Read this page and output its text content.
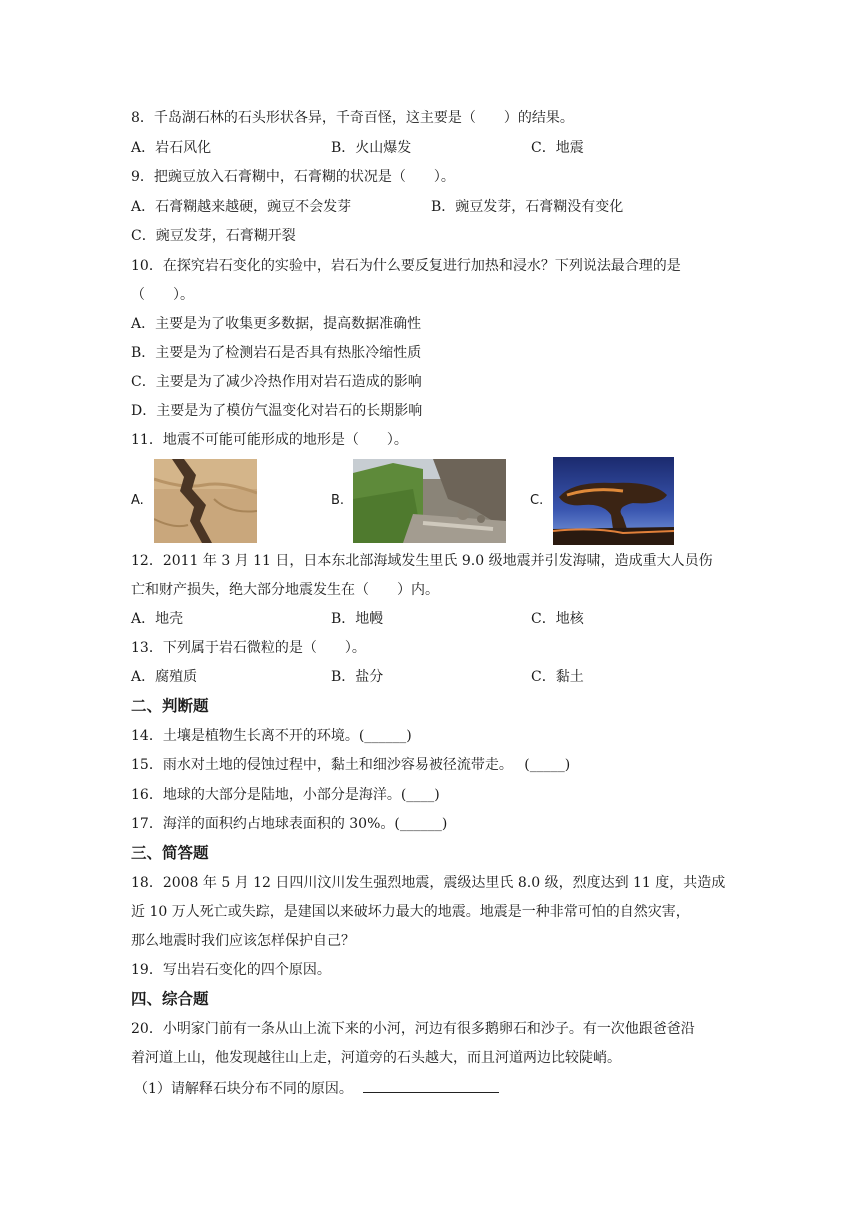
8．千岛湖石林的石头形状各异，千奇百怪，这主要是（　　）的结果。
A．岩石风化	B．火山爆发	C．地震
9．把豌豆放入石膏糊中，石膏糊的状况是（　　）。
A．石膏糊越来越硬，豌豆不会发芽	B．豌豆发芽，石膏糊没有变化
C．豌豆发芽，石膏糊开裂
10．在探究岩石变化的实验中，岩石为什么要反复进行加热和浸水？下列说法最合理的是
（　　）。
A．主要是为了收集更多数据，提高数据准确性
B．主要是为了检测岩石是否具有热胀冷缩性质
C．主要是为了减少冷热作用对岩石造成的影响
D．主要是为了模仿气温变化对岩石的长期影响
11．地震不可能可能形成的地形是（　　）。
A.	B.	C.
12．2011 年 3 月 11 日，日本东北部海域发生里氏 9.0 级地震并引发海啸，造成重大人员伤
亡和财产损失，绝大部分地震发生在（　　）内。
A．地壳	B．地幔	C．地核
13．下列属于岩石微粒的是（　　）。
A．腐殖质	B．盐分	C．黏土
二、判断题
14．土壤是植物生长离不开的环境。(______)
15．雨水对土地的侵蚀过程中，黏土和细沙容易被径流带走。　 (_____)
16．地球的大部分是陆地，小部分是海洋。(____)
17．海洋的面积约占地球表面积的 30%。(______)
三、简答题
18．2008 年 5 月 12 日四川汶川发生强烈地震，震级达里氏 8.0 级，烈度达到 11 度，共造成
近 10 万人死亡或失踪，是建国以来破坏力最大的地震。地震是一种非常可怕的自然灾害，
那么地震时我们应该怎样保护自己？
19．写出岩石变化的四个原因。
四、综合题
20．小明家门前有一条从山上流下来的小河，河边有很多鹅卵石和沙子。有一次他跟爸爸沿
着河道上山，他发现越往山上走，河道旁的石头越大，而且河道两边比较陡峭。
（1）请解释石块分布不同的原因。
